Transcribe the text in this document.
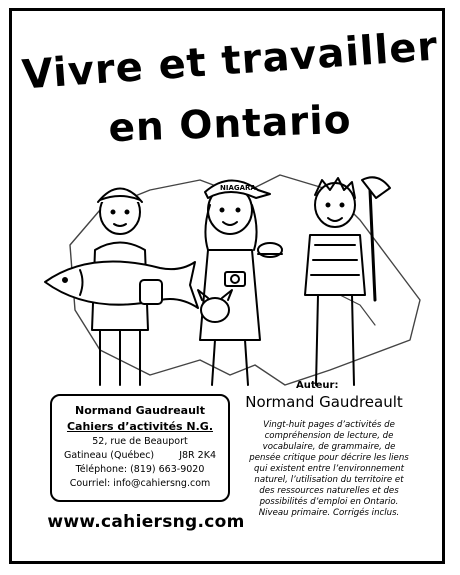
Vivre et travailler
en Ontario
NIAGARA
Normand Gaudreault
Cahiers d’activités N.G.
52, rue de Beauport
Gatineau (Québec)	J8R 2K4
Téléphone: (819) 663-9020
Courriel: info@cahiersng.com
www.cahiersng.com
Auteur:
Normand Gaudreault
Vingt-huit pages d’activités de compréhension de lecture, de vocabulaire, de grammaire, de pensée critique pour décrire les liens qui existent entre l’environnement naturel, l’utilisation du territoire et des ressources naturelles et des possibilités d’emploi en Ontario. Niveau primaire. Corrigés inclus.
